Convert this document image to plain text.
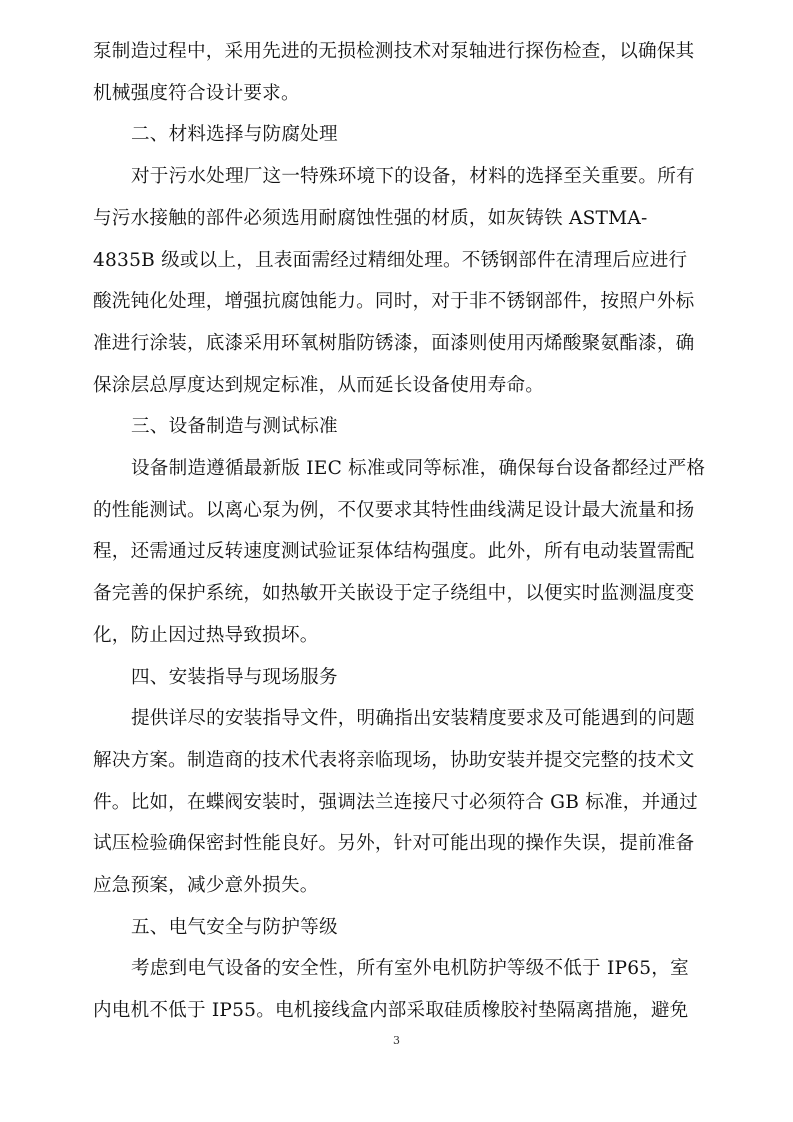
泵制造过程中，采用先进的无损检测技术对泵轴进行探伤检查，以确保其
机械强度符合设计要求。
二、材料选择与防腐处理
对于污水处理厂这一特殊环境下的设备，材料的选择至关重要。所有
与污水接触的部件必须选用耐腐蚀性强的材质，如灰铸铁 ASTMA-
4835B 级或以上，且表面需经过精细处理。不锈钢部件在清理后应进行
酸洗钝化处理，增强抗腐蚀能力。同时，对于非不锈钢部件，按照户外标
准进行涂装，底漆采用环氧树脂防锈漆，面漆则使用丙烯酸聚氨酯漆，确
保涂层总厚度达到规定标准，从而延长设备使用寿命。
三、设备制造与测试标准
设备制造遵循最新版 IEC 标准或同等标准，确保每台设备都经过严格
的性能测试。以离心泵为例，不仅要求其特性曲线满足设计最大流量和扬
程，还需通过反转速度测试验证泵体结构强度。此外，所有电动装置需配
备完善的保护系统，如热敏开关嵌设于定子绕组中，以便实时监测温度变
化，防止因过热导致损坏。
四、安装指导与现场服务
提供详尽的安装指导文件，明确指出安装精度要求及可能遇到的问题
解决方案。制造商的技术代表将亲临现场，协助安装并提交完整的技术文
件。比如，在蝶阀安装时，强调法兰连接尺寸必须符合 GB 标准，并通过
试压检验确保密封性能良好。另外，针对可能出现的操作失误，提前准备
应急预案，减少意外损失。
五、电气安全与防护等级
考虑到电气设备的安全性，所有室外电机防护等级不低于 IP65，室
内电机不低于 IP55。电机接线盒内部采取硅质橡胶衬垫隔离措施，避免
3
